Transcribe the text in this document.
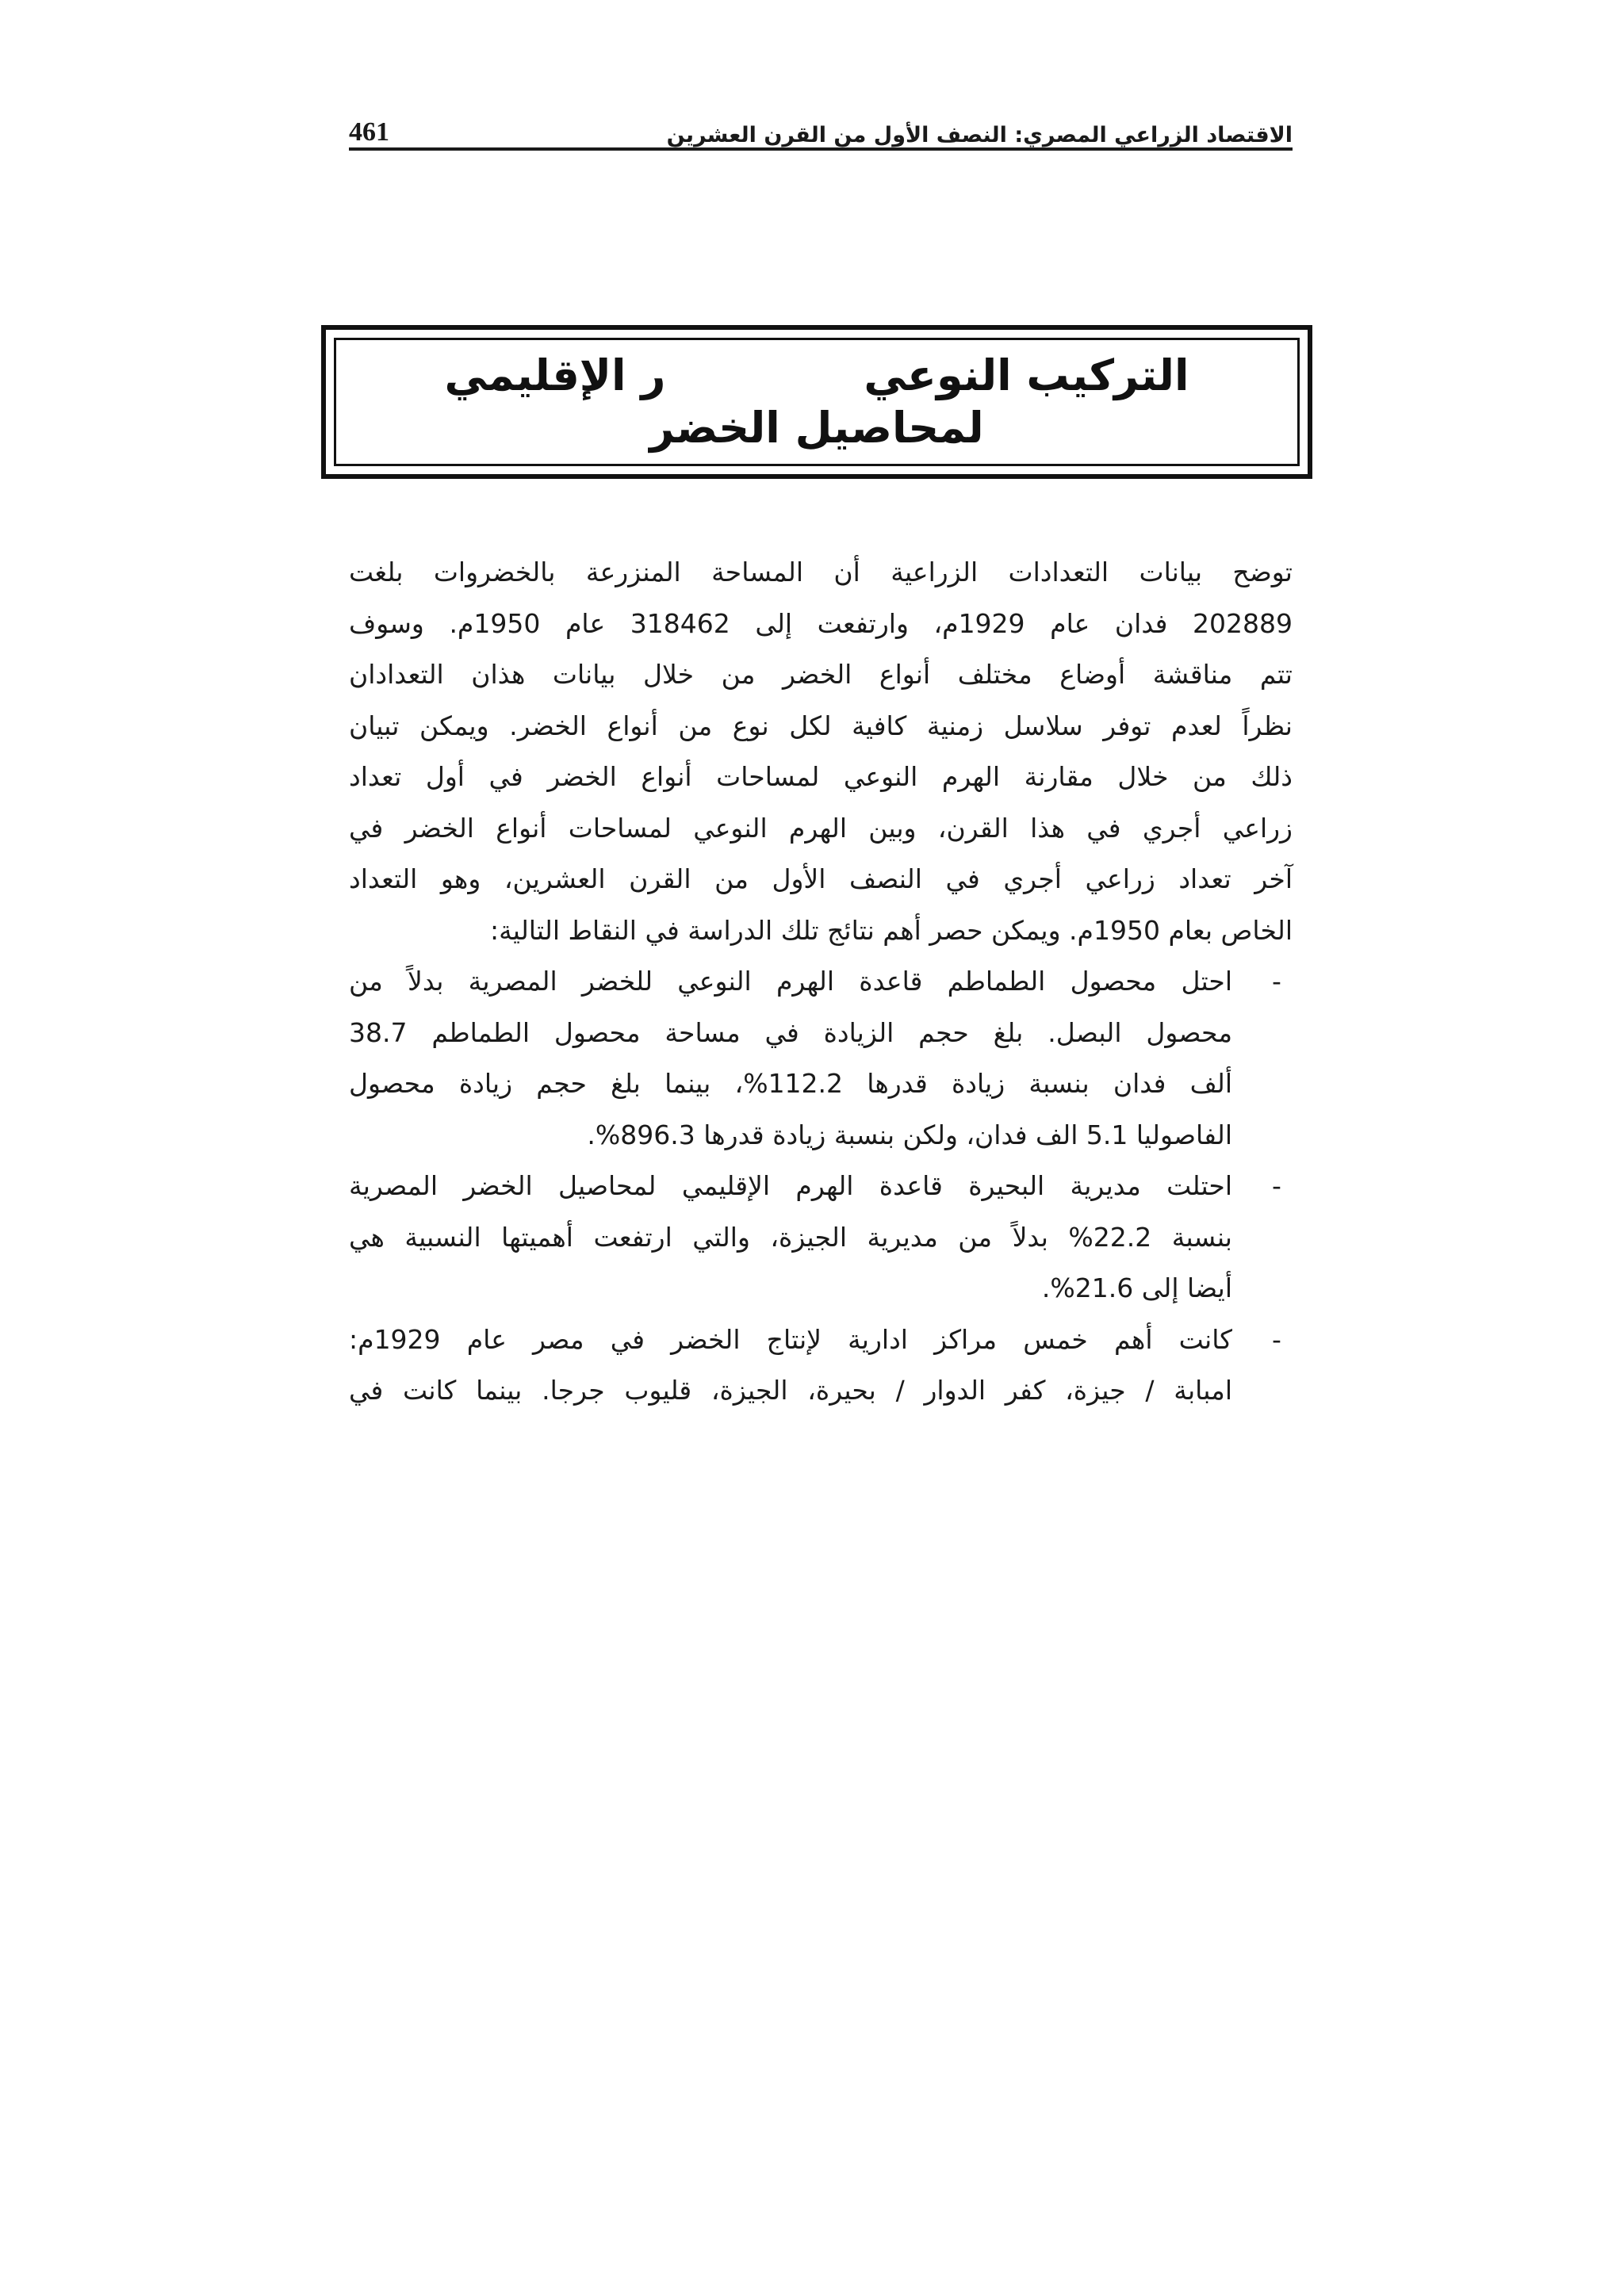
الاقتصاد الزراعي المصري: النصف الأول من القرن العشرين
461
التركيب النوعير الإقليمي
لمحاصيل الخضر
توضح بيانات التعدادات الزراعية أن المساحة المنزرعة بالخضروات بلغت
202889 فدان عام 1929م، وارتفعت إلى 318462 عام 1950م. وسوف
تتم مناقشة أوضاع مختلف أنواع الخضر من خلال بيانات هذان التعدادان
نظراً لعدم توفر سلاسل زمنية كافية لكل نوع من أنواع الخضر. ويمكن تبيان
ذلك من خلال مقارنة الهرم النوعي لمساحات أنواع الخضر في أول تعداد
زراعي أجري في هذا القرن، وبين الهرم النوعي لمساحات أنواع الخضر في
آخر تعداد زراعي أجري في النصف الأول من القرن العشرين، وهو التعداد
الخاص بعام 1950م. ويمكن حصر أهم نتائج تلك الدراسة في النقاط التالية:
-
احتل محصول الطماطم قاعدة الهرم النوعي للخضر المصرية بدلاً من
محصول البصل. بلغ حجم الزيادة في مساحة محصول الطماطم 38.7
ألف فدان بنسبة زيادة قدرها 112.2%، بينما بلغ حجم زيادة محصول
الفاصوليا 5.1 الف فدان، ولكن بنسبة زيادة قدرها 896.3%.
-
احتلت مديرية البحيرة قاعدة الهرم الإقليمي لمحاصيل الخضر المصرية
بنسبة 22.2% بدلاً من مديرية الجيزة، والتي ارتفعت أهميتها النسبية هي
أيضا إلى 21.6%.
-
كانت أهم خمس مراكز ادارية لإنتاج الخضر في مصر عام 1929م:
امبابة / جيزة، كفر الدوار / بحيرة، الجيزة، قليوب جرجا. بينما كانت في
